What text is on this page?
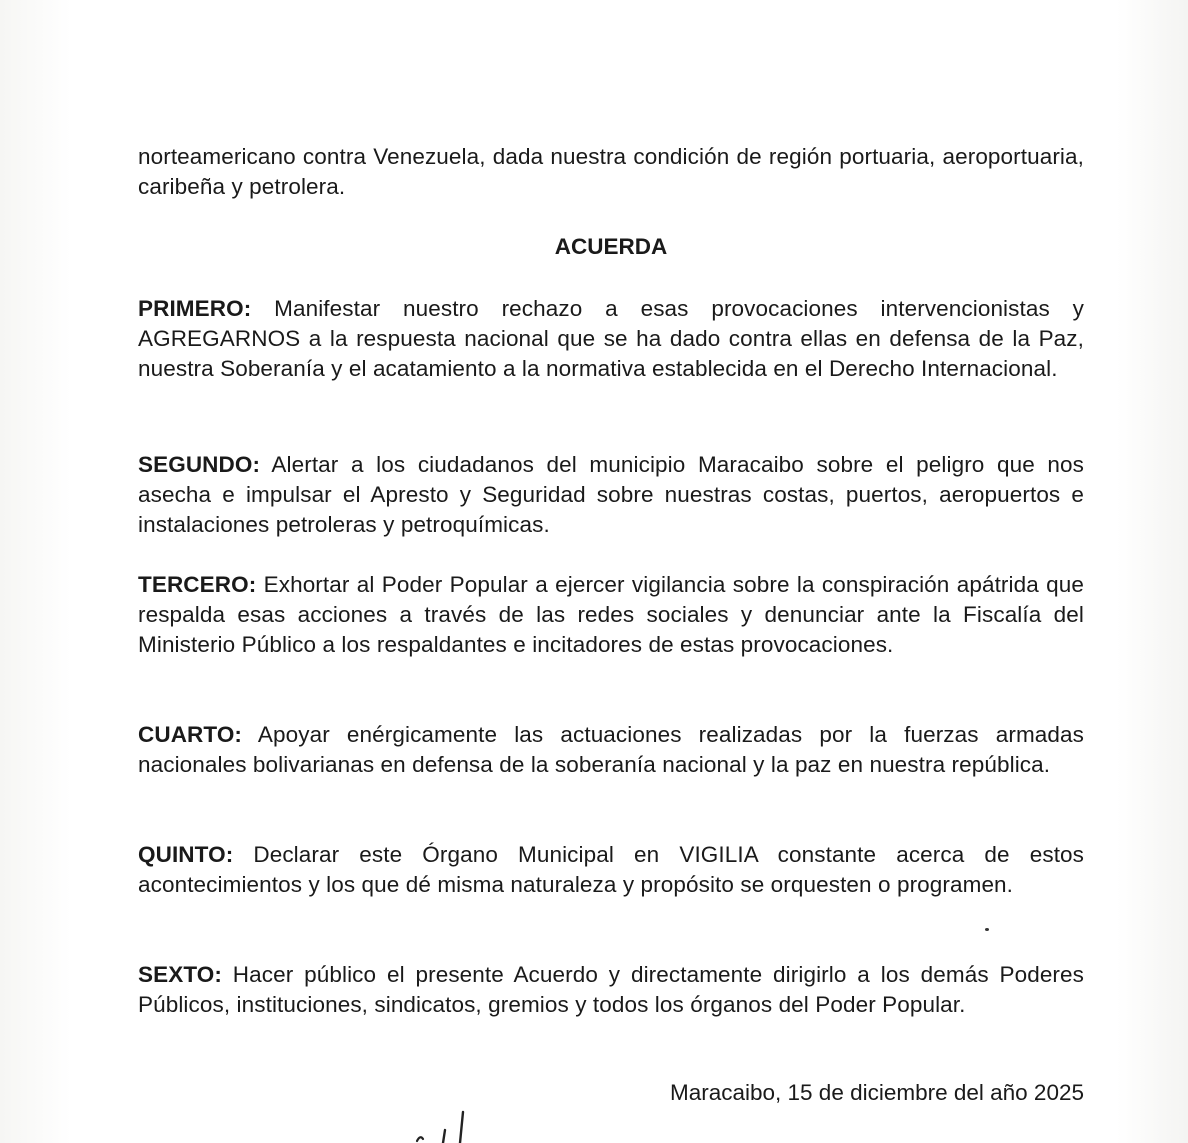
norteamericano contra Venezuela, dada nuestra condición de región portuaria, aeroportuaria, caribeña y petrolera.

ACUERDA

PRIMERO: Manifestar nuestro rechazo a esas provocaciones intervencionistas y AGREGARNOS a la respuesta nacional que se ha dado contra ellas en defensa de la Paz, nuestra Soberanía y el acatamiento a la normativa establecida en el Derecho Internacional.

SEGUNDO: Alertar a los ciudadanos del municipio Maracaibo sobre el peligro que nos asecha e impulsar el Apresto y Seguridad sobre nuestras costas, puertos, aeropuertos e instalaciones petroleras y petroquímicas.

TERCERO: Exhortar al Poder Popular a ejercer vigilancia sobre la conspiración apátrida que respalda esas acciones a través de las redes sociales y denunciar ante la Fiscalía del Ministerio Público a los respaldantes e incitadores de estas provocaciones.

CUARTO: Apoyar enérgicamente las actuaciones realizadas por la fuerzas armadas nacionales bolivarianas en defensa de la soberanía nacional y la paz en nuestra república.

QUINTO: Declarar este Órgano Municipal en VIGILIA constante acerca de estos acontecimientos y los que dé misma naturaleza y propósito se orquesten o programen.

SEXTO: Hacer público el presente Acuerdo y directamente dirigirlo a los demás Poderes Públicos, instituciones, sindicatos, gremios y todos los órganos del Poder Popular.

Maracaibo, 15 de diciembre del año 2025
